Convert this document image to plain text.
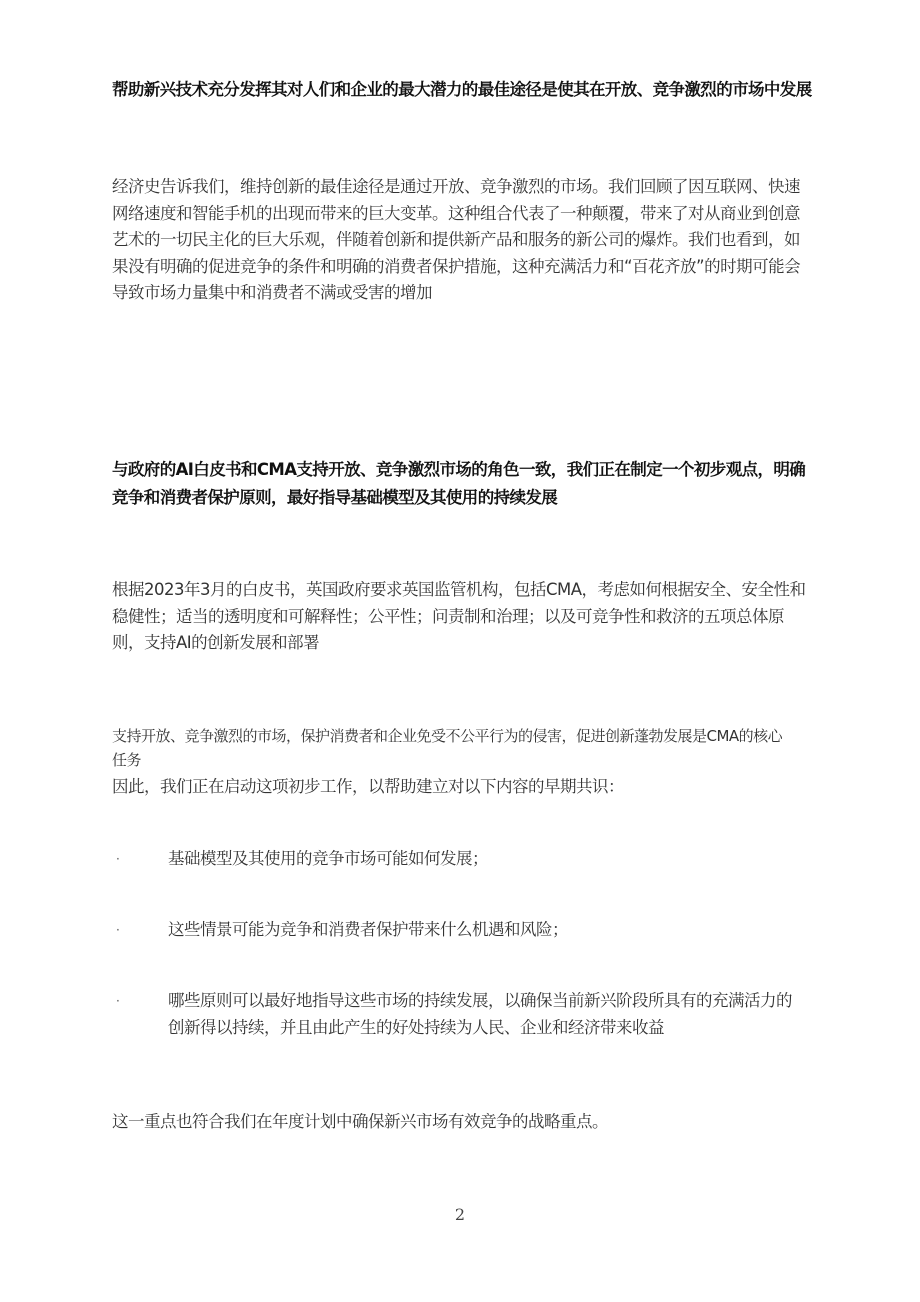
帮助新兴技术充分发挥其对人们和企业的最大潜力的最佳途径是使其在开放、竞争激烈的市场中发展

经济史告诉我们，维持创新的最佳途径是通过开放、竞争激烈的市场。我们回顾了因互联网、快速网络速度和智能手机的出现而带来的巨大变革。这种组合代表了一种颠覆，带来了对从商业到创意艺术的一切民主化的巨大乐观，伴随着创新和提供新产品和服务的新公司的爆炸。我们也看到，如果没有明确的促进竞争的条件和明确的消费者保护措施，这种充满活力和“百花齐放”的时期可能会导致市场力量集中和消费者不满或受害的增加

与政府的AI白皮书和CMA支持开放、竞争激烈市场的角色一致，我们正在制定一个初步观点，明确竞争和消费者保护原则，最好指导基础模型及其使用的持续发展

根据2023年3月的白皮书，英国政府要求英国监管机构，包括CMA，考虑如何根据安全、安全性和稳健性；适当的透明度和可解释性；公平性；问责制和治理；以及可竞争性和救济的五项总体原则，支持AI的创新发展和部署

支持开放、竞争激烈的市场，保护消费者和企业免受不公平行为的侵害，促进创新蓬勃发展是CMA的核心任务

因此，我们正在启动这项初步工作，以帮助建立对以下内容的早期共识：

·	基础模型及其使用的竞争市场可能如何发展；
·	这些情景可能为竞争和消费者保护带来什么机遇和风险；
·	哪些原则可以最好地指导这些市场的持续发展，以确保当前新兴阶段所具有的充满活力的创新得以持续，并且由此产生的好处持续为人民、企业和经济带来收益

这一重点也符合我们在年度计划中确保新兴市场有效竞争的战略重点。

2
